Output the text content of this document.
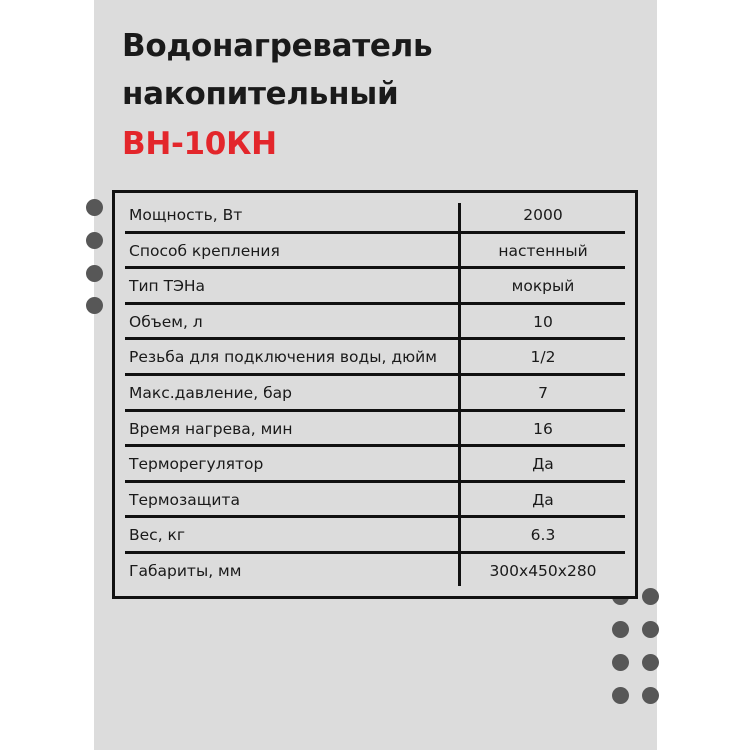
Водонагреватель
накопительный
ВН-10КН
Мощность, Вт	2000
Способ крепления	настенный
Тип ТЭНа	мокрый
Объем, л	10
Резьба для подключения воды, дюйм	1/2
Макс.давление, бар	7
Время нагрева, мин	16
Терморегулятор	Да
Термозащита	Да
Вес, кг	6.3
Габариты, мм	300x450x280
